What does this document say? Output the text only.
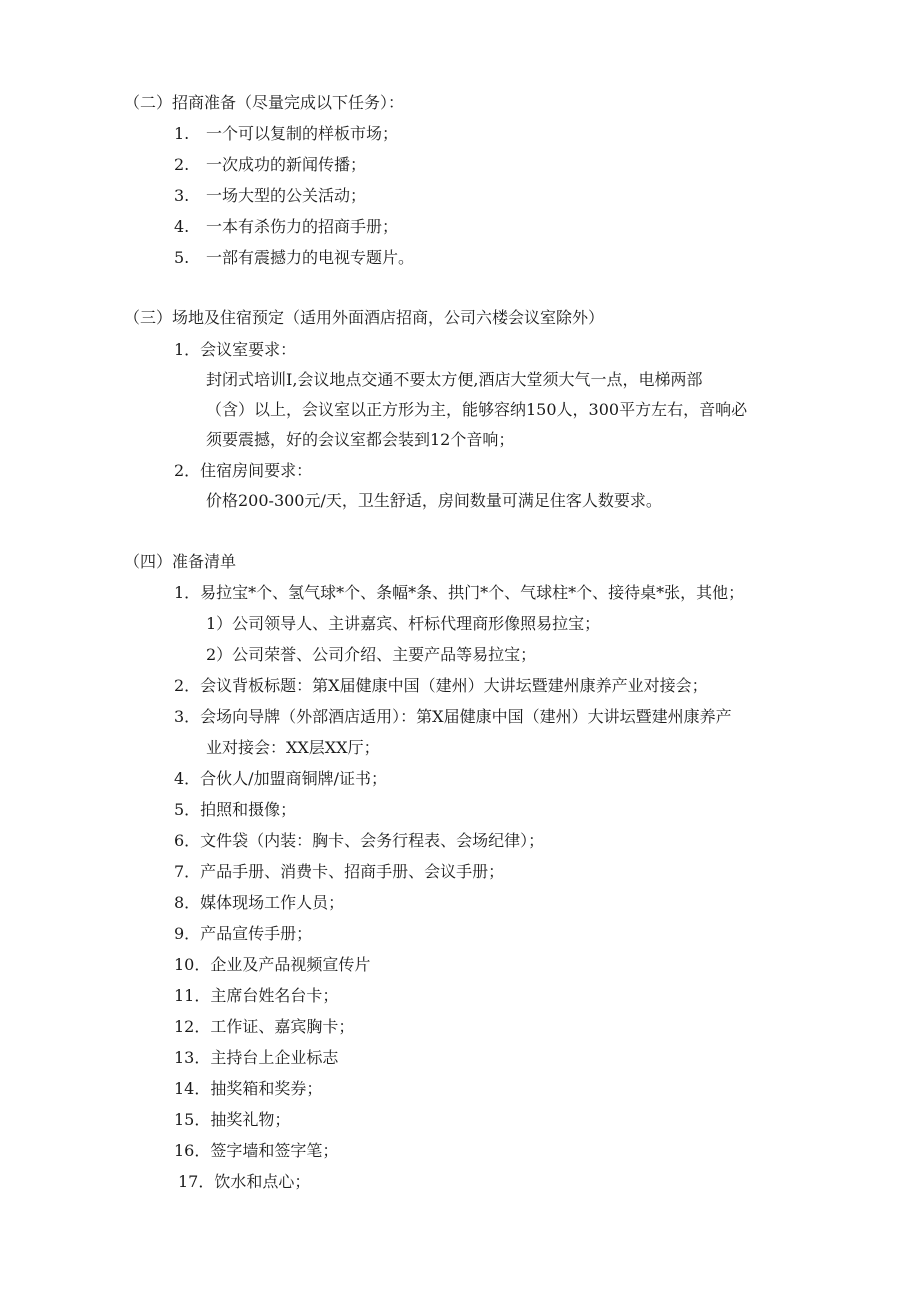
（二）招商准备（尽量完成以下任务）：
1. 一个可以复制的样板市场；
2. 一次成功的新闻传播；
3. 一场大型的公关活动；
4. 一本有杀伤力的招商手册；
5. 一部有震撼力的电视专题片。
（三）场地及住宿预定（适用外面酒店招商，公司六楼会议室除外）
1．会议室要求：
封闭式培训I,会议地点交通不要太方便,酒店大堂须大气一点，电梯两部
（含）以上，会议室以正方形为主，能够容纳150人，300平方左右，音响必
须要震撼，好的会议室都会装到12个音响；
2．住宿房间要求：
价格200-300元/天，卫生舒适，房间数量可满足住客人数要求。
（四）准备清单
1．易拉宝*个、氢气球*个、条幅*条、拱门*个、气球柱*个、接待桌*张，其他；
1）公司领导人、主讲嘉宾、杆标代理商形像照易拉宝；
2）公司荣誉、公司介绍、主要产品等易拉宝；
2．会议背板标题：第X届健康中国（建州）大讲坛暨建州康养产业对接会；
3．会场向导牌（外部酒店适用）：第X届健康中国（建州）大讲坛暨建州康养产
业对接会：XX层XX厅；
4．合伙人/加盟商铜牌/证书；
5．拍照和摄像；
6．文件袋（内装：胸卡、会务行程表、会场纪律）；
7．产品手册、消费卡、招商手册、会议手册；
8．媒体现场工作人员；
9．产品宣传手册；
10．企业及产品视频宣传片
11．主席台姓名台卡；
12．工作证、嘉宾胸卡；
13．主持台上企业标志
14．抽奖箱和奖券；
15．抽奖礼物；
16．签字墙和签字笔；
17．饮水和点心；
